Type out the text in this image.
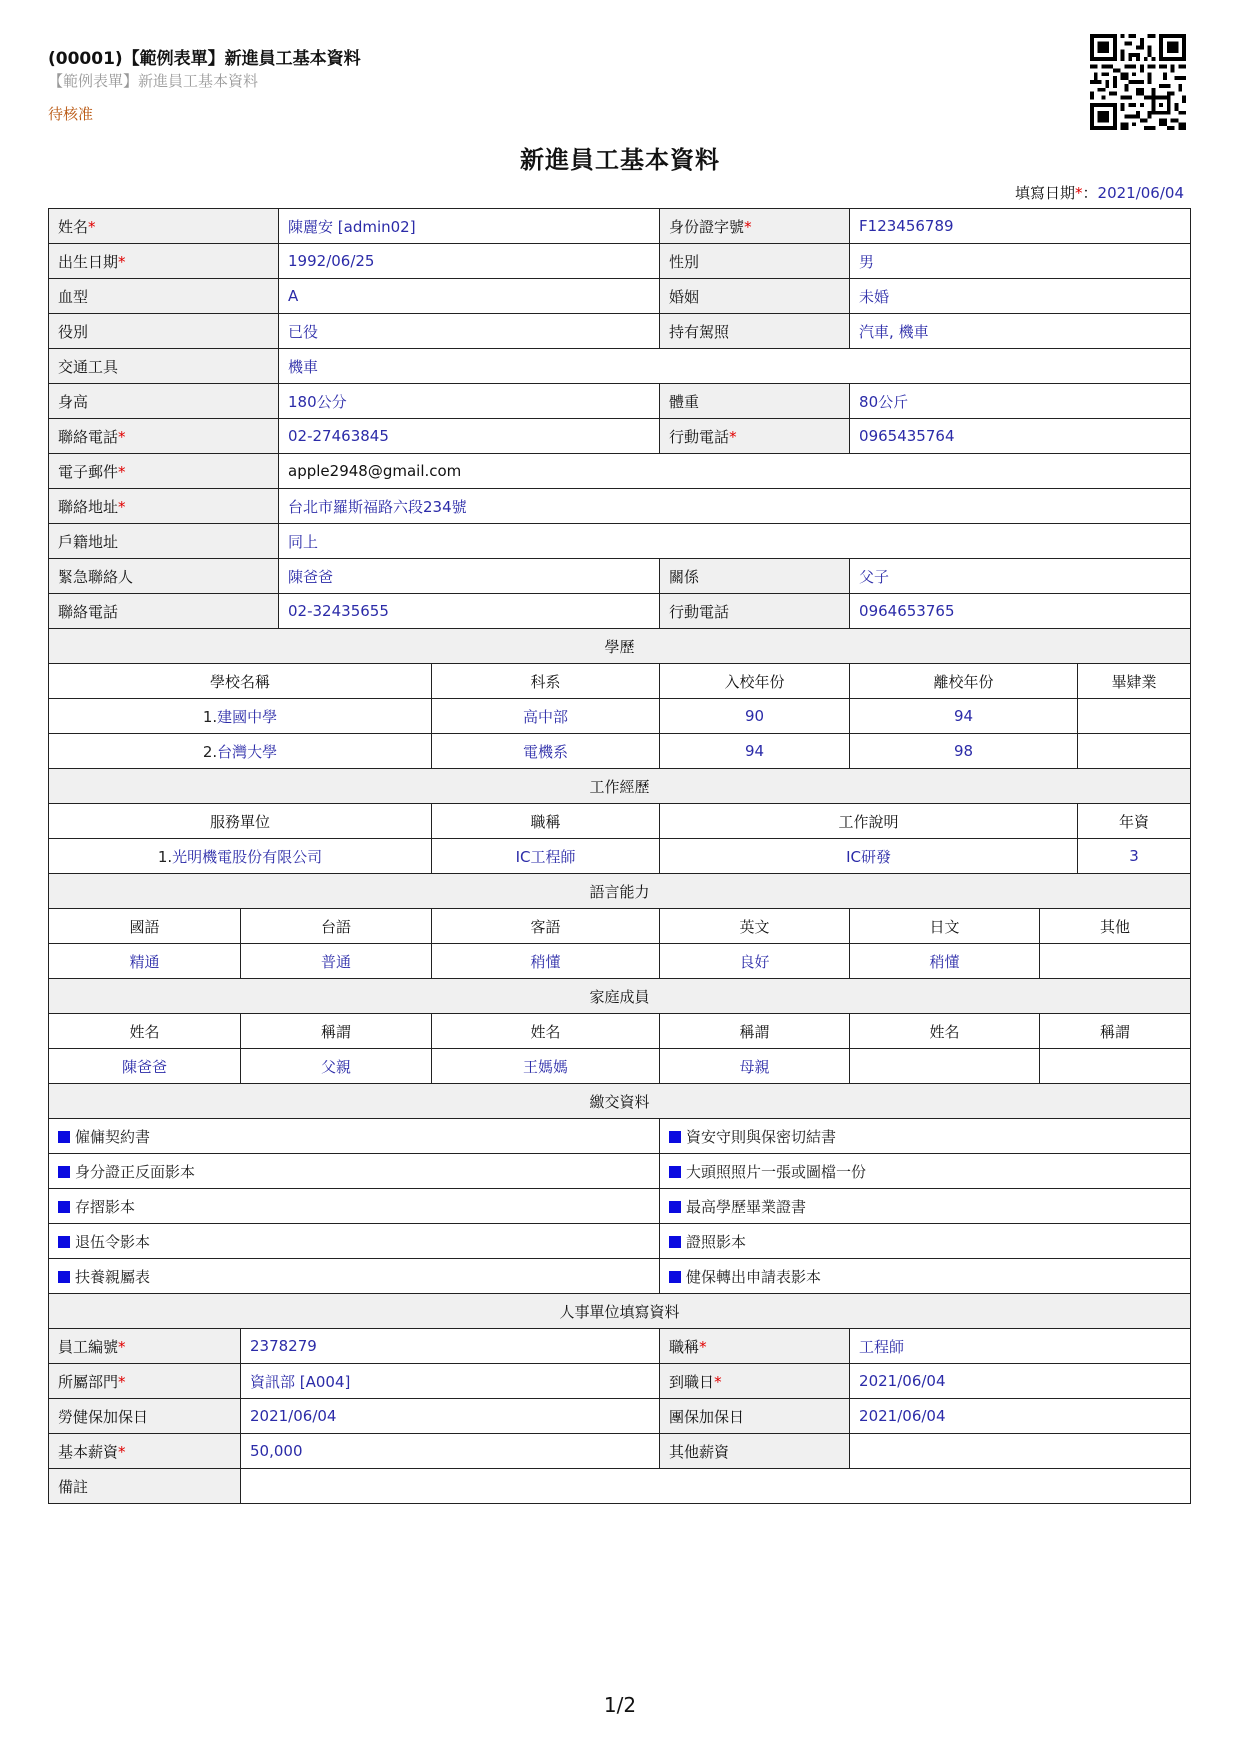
(00001)【範例表單】新進員工基本資料
【範例表單】新進員工基本資料
待核准
新進員工基本資料
填寫日期*：2021/06/04
姓名*		陳麗安 [admin02]		身份證字號*	F123456789		
出生日期*		1992/06/25		性別	男		
血型		A		婚姻	未婚		
役別		已役		持有駕照	汽車, 機車		
交通工具		機車					
身高		180公分		體重	80公斤		
聯絡電話*		02-27463845		行動電話*	0965435764		
電子郵件*		apple2948@gmail.com					
聯絡地址*		台北市羅斯福路六段234號					
戶籍地址		同上					
緊急聯絡人		陳爸爸		關係	父子		
聯絡電話		02-32435655		行動電話	0964653765		
學歷							
學校名稱			科系	入校年份	離校年份		畢肄業
1.建國中學			高中部	90	94		
2.台灣大學			電機系	94	98		
工作經歷							
服務單位			職稱	工作說明			年資
1.光明機電股份有限公司			IC工程師	IC研發			3
語言能力							
國語	台語		客語	英文	日文	其他	
精通	普通		稍懂	良好	稍懂		
家庭成員							
姓名	稱謂		姓名	稱謂	姓名	稱謂	
陳爸爸	父親		王媽媽	母親			
繳交資料							
僱傭契約書				資安守則與保密切結書			
身分證正反面影本				大頭照照片一張或圖檔一份			
存摺影本				最高學歷畢業證書			
退伍令影本				證照影本			
扶養親屬表				健保轉出申請表影本			
人事單位填寫資料							
員工編號*	2378279			職稱*	工程師		
所屬部門*	資訊部 [A004]			到職日*	2021/06/04		
勞健保加保日	2021/06/04			團保加保日	2021/06/04		
基本薪資*	50,000			其他薪資			
備註							
1/2
